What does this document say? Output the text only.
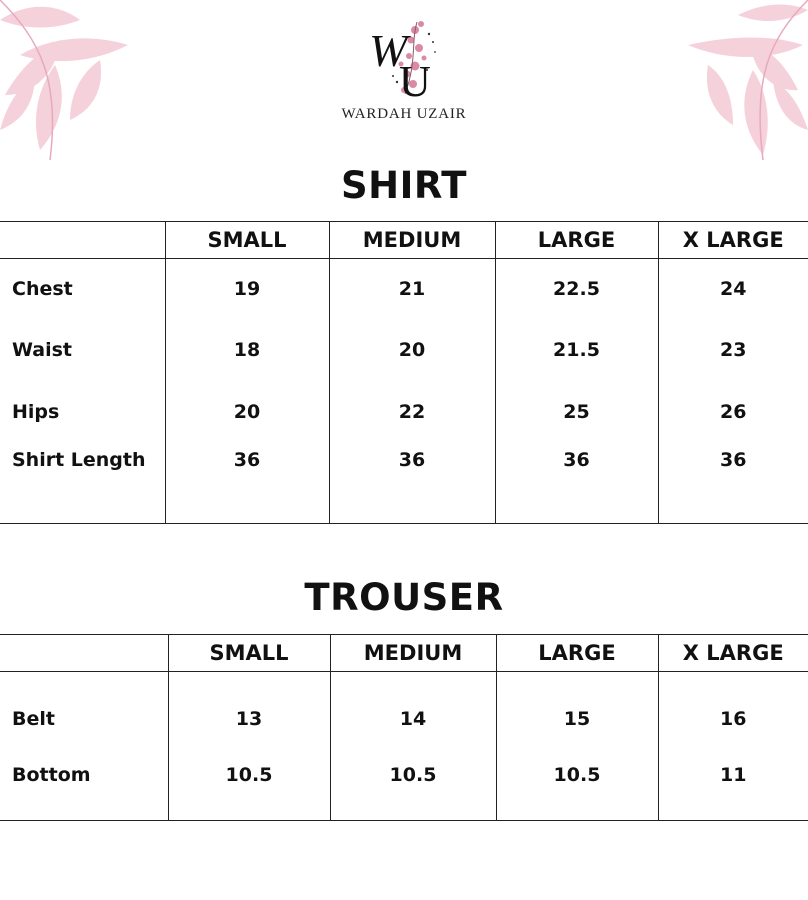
W
U
WARDAH UZAIR
SHIRT
	SMALL	MEDIUM	LARGE	X LARGE
Chest	19	21	22.5	24
Waist	18	20	21.5	23
Hips	20	22	25	26
Shirt Length	36	36	36	36
TROUSER
	SMALL	MEDIUM	LARGE	X LARGE
Belt	13	14	15	16
Bottom	10.5	10.5	10.5	11
